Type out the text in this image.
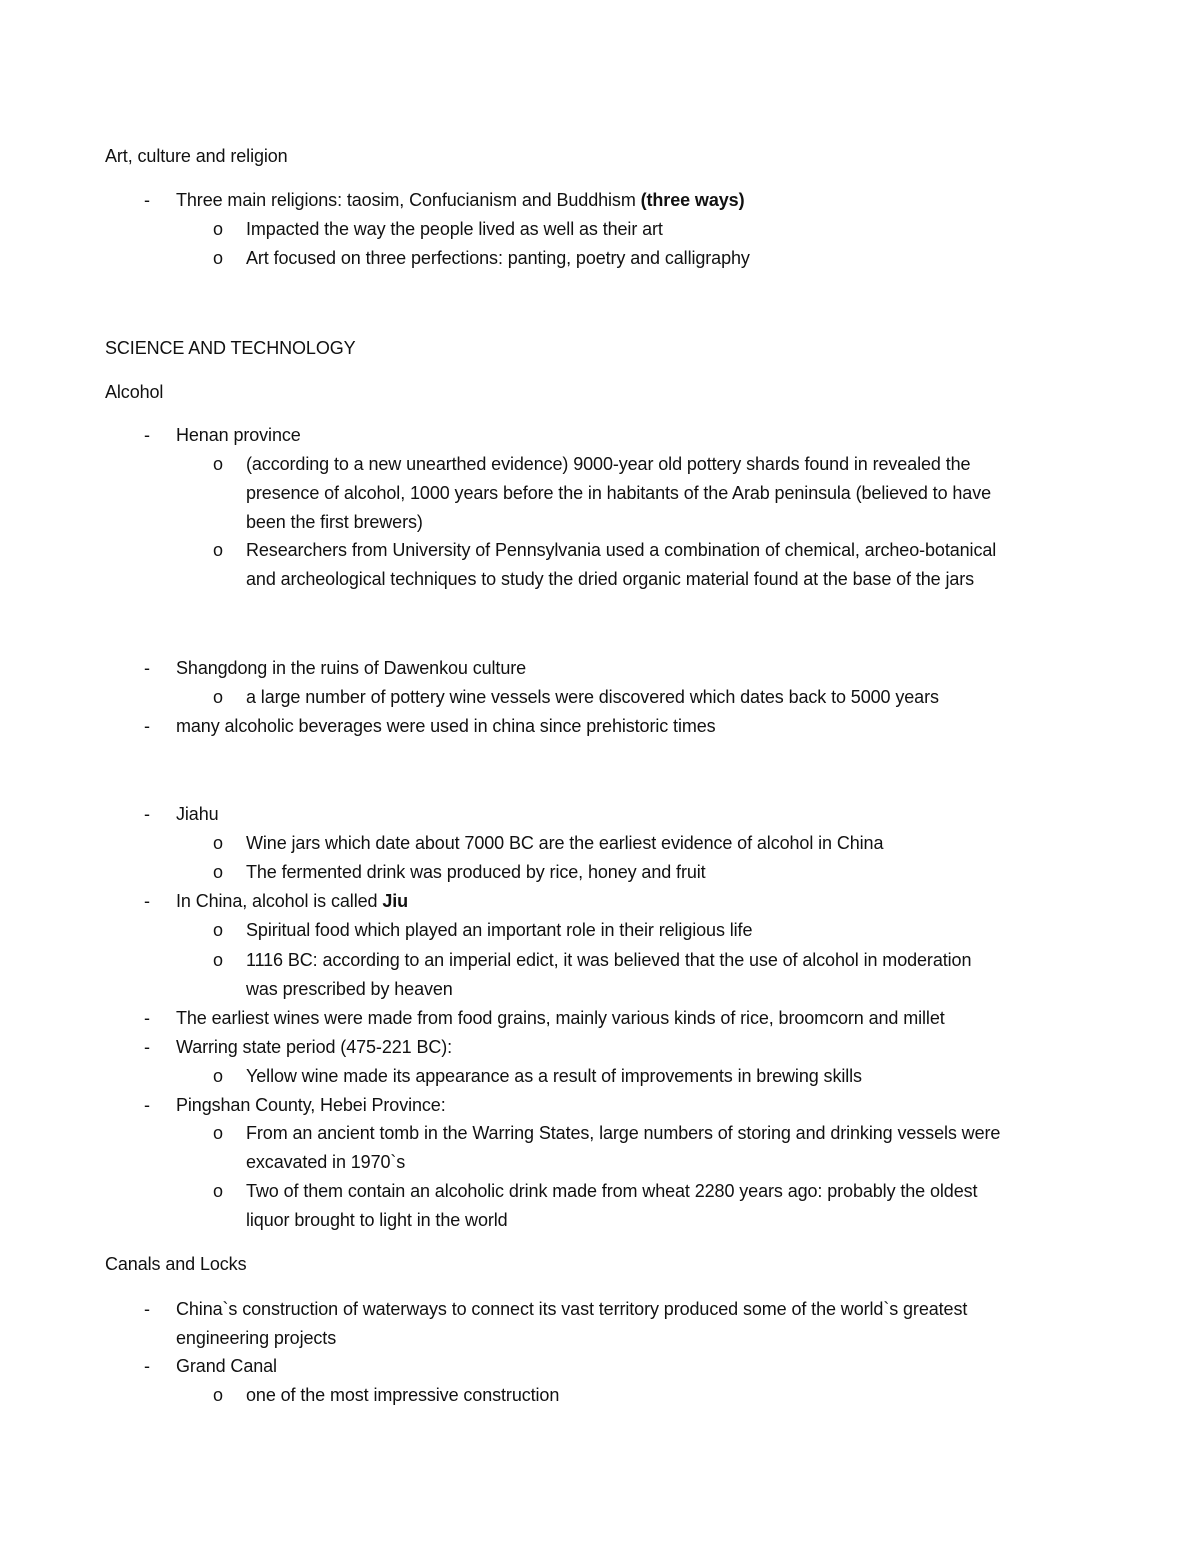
Art, culture and religion
- Three main religions: taosim, Confucianism and Buddhism (three ways)
o Impacted the way the people lived as well as their art
o Art focused on three perfections: panting, poetry and calligraphy
SCIENCE AND TECHNOLOGY
Alcohol
- Henan province
o (according to a new unearthed evidence) 9000-year old pottery shards found in revealed the
presence of alcohol, 1000 years before the in habitants of the Arab peninsula (believed to have
been the first brewers)
o Researchers from University of Pennsylvania used a combination of chemical, archeo-botanical
and archeological techniques to study the dried organic material found at the base of the jars
- Shangdong in the ruins of Dawenkou culture
o a large number of pottery wine vessels were discovered which dates back to 5000 years
- many alcoholic beverages were used in china since prehistoric times
- Jiahu
o Wine jars which date about 7000 BC are the earliest evidence of alcohol in China
o The fermented drink was produced by rice, honey and fruit
- In China, alcohol is called Jiu
o Spiritual food which played an important role in their religious life
o 1116 BC: according to an imperial edict, it was believed that the use of alcohol in moderation
was prescribed by heaven
- The earliest wines were made from food grains, mainly various kinds of rice, broomcorn and millet
- Warring state period (475-221 BC):
o Yellow wine made its appearance as a result of improvements in brewing skills
- Pingshan County, Hebei Province:
o From an ancient tomb in the Warring States, large numbers of storing and drinking vessels were
excavated in 1970`s
o Two of them contain an alcoholic drink made from wheat 2280 years ago: probably the oldest
liquor brought to light in the world
Canals and Locks
- China`s construction of waterways to connect its vast territory produced some of the world`s greatest
engineering projects
- Grand Canal
o one of the most impressive construction
